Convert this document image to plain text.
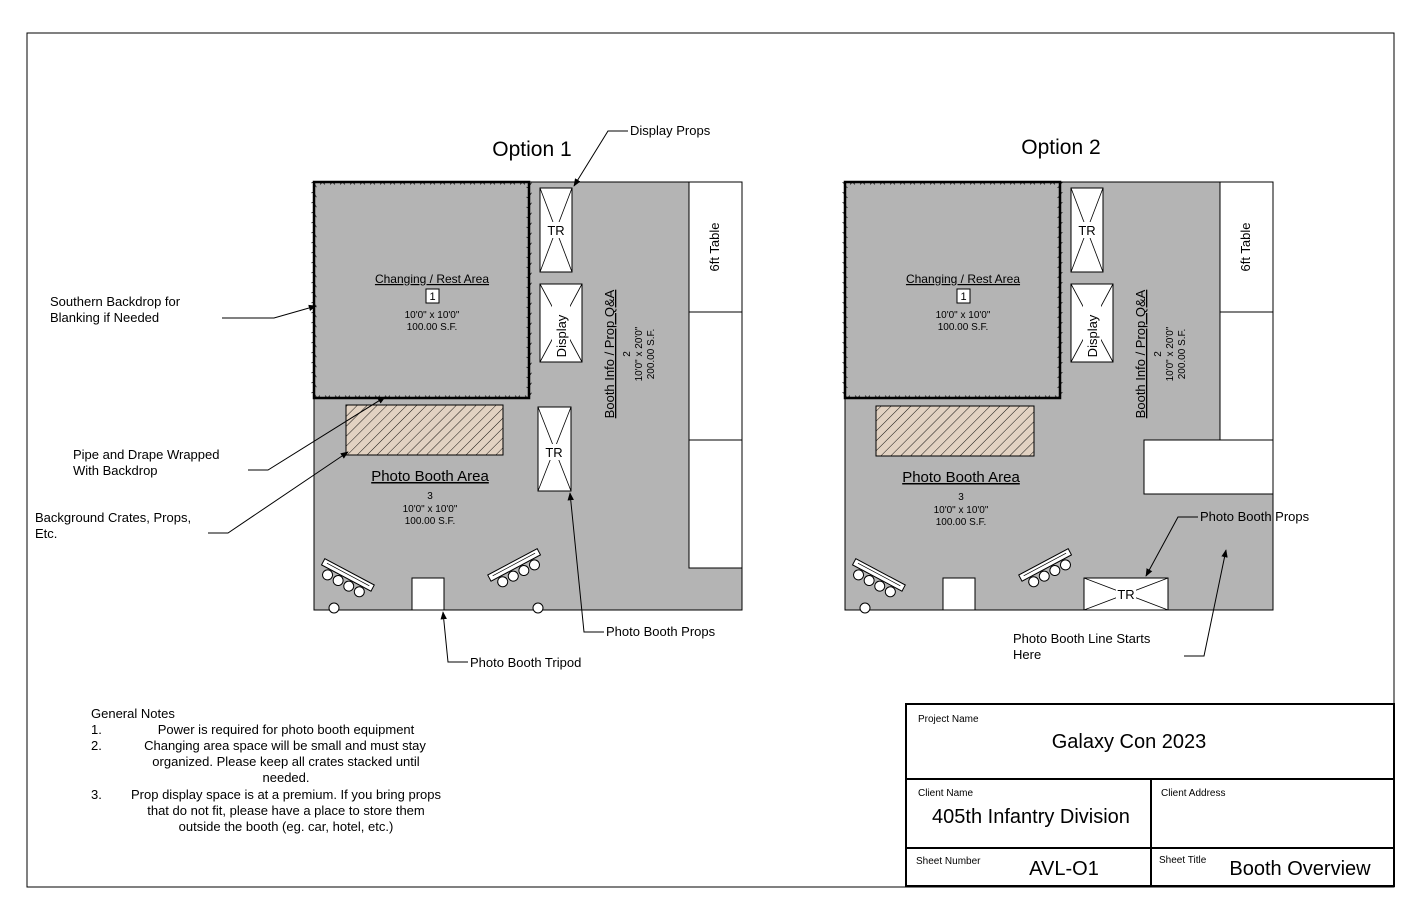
Option 1
Changing / Rest Area
1
10'0" x 10'0"
100.00 S.F.
TR
Display
TR
Booth Info / Prop Q&A 2 10'0" x 20'0" 200.00 S.F.
6ft Table
Photo Booth Area
3
10'0" x 10'0"
100.00 S.F.
Option 2
Changing / Rest Area
1
10'0" x 10'0"
100.00 S.F.
TR
Display	Booth Info / Prop Q&A 2 10'0" x 20'0" 200.00 S.F.
6ft Table
Photo Booth Area
3
10'0" x 10'0"
100.00 S.F.
TR
Display Props
Southern Backdrop for
Blanking if Needed
Pipe and Drape Wrapped
With Backdrop
Background Crates, Props,
Etc.
Photo Booth Props
Photo Booth Tripod
Photo Booth Props
Photo Booth Line Starts
Here
General Notes
1.	Power is required for photo booth equipment
2.	Changing area space will be small and must stay
organized. Please keep all crates stacked until
needed.
3. Prop display space is at a premium. If you bring props
that do not fit, please have a place to store them
outside the booth (eg. car, hotel, etc.)
Project Name
Galaxy Con 2023
Client Name
405th Infantry Division
Client Address
Sheet Number AVL-O1	Sheet Title Booth Overview
